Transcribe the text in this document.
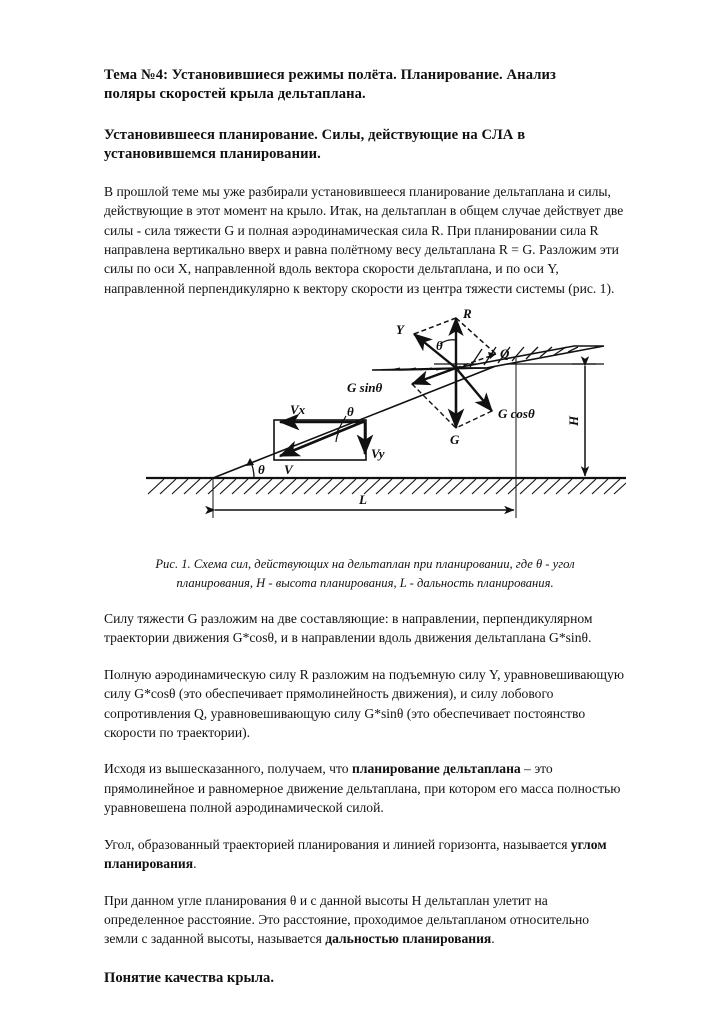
Тема №4: Установившиеся режимы полёта. Планирование. Анализ
поляры скоростей крыла дельтаплана.
Установившееся планирование. Силы, действующие на СЛА в
установившемся планировании.

В прошлой теме мы уже разбирали установившееся планирование дельтаплана и силы, действующие в этот момент на крыло. Итак, на дельтаплан в общем случае действует две силы - сила тяжести G и полная аэродинамическая сила R. При планировании сила R направлена вертикально вверх и равна полётному весу дельтаплана R = G. Разложим эти силы по оси X, направленной вдоль вектора скорости дельтаплана, и по оси Y, направленной перпендикулярно к вектору скорости из центра тяжести системы (рис. 1).

R
Y
Q
θ
G
G cosθ
G sinθ
Vx
Vy
V
θ
θ
H
L

Рис. 1. Схема сил, действующих на дельтаплан при планировании, где θ - угол планирования, H - высота планирования, L - дальность планирования.

Силу тяжести G разложим на две составляющие: в направлении, перпендикулярном траектории движения G*cosθ, и в направлении вдоль движения дельтаплана G*sinθ.

Полную аэродинамическую силу R разложим на подъемную силу Y, уравновешивающую силу G*cosθ (это обеспечивает прямолинейность движения), и силу лобового сопротивления Q, уравновешивающую силу G*sinθ (это обеспечивает постоянство скорости по траектории).

Исходя из вышесказанного, получаем, что планирование дельтаплана – это прямолинейное и равномерное движение дельтаплана, при котором его масса полностью уравновешена полной аэродинамической силой.

Угол, образованный траекторией планирования и линией горизонта, называется углом планирования.

При данном угле планирования θ и с данной высоты H дельтаплан улетит на определенное расстояние. Это расстояние, проходимое дельтапланом относительно земли с заданной высоты, называется дальностью планирования.

Понятие качества крыла.
